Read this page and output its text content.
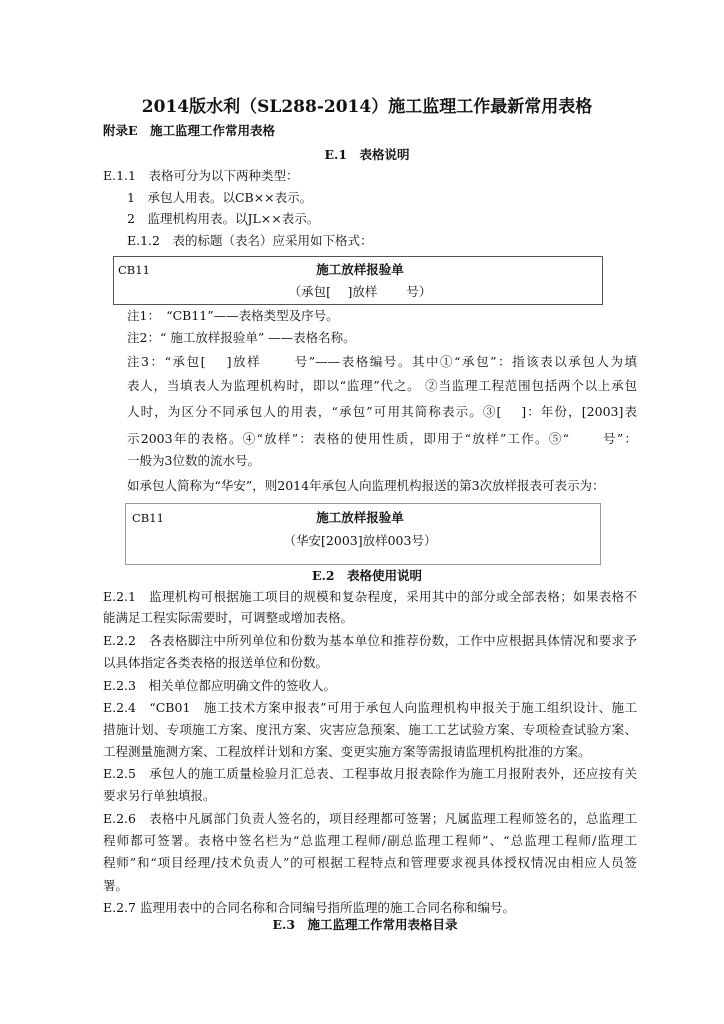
2014版水利（SL288-2014）施工监理工作最新常用表格
附录E　施工监理工作常用表格
E.1　表格说明
E.1.1　表格可分为以下两种类型：
1　承包人用表。以CB××表示。
2　监理机构用表。以JL××表示。
E.1.2　表的标题（表名）应采用如下格式：
CB11	施工放样报验单
（承包[　 ]放样　　 号）
注1：　“CB11”——表格类型及序号。
注2：“ 施工放样报验单” ——表格名称。
注3：“承包[　 ]放样　　 号”——表格编号。其中①“承包”：指该表以承包人为填
表人，当填表人为监理机构时，即以“监理”代之。 ②当监理工程范围包括两个以上承包
人时，为区分不同承包人的用表，“承包”可用其简称表示。③[　 ]：年份，[2003]表
示2003年的表格。④“放样”：表格的使用性质，即用于“放样”工作。⑤“　　 号”：
一般为3位数的流水号。
如承包人简称为“华安”，则2014年承包人向监理机构报送的第3次放样报表可表示为：
CB11	施工放样报验单
（华安[2003]放样003号）
E.2　表格使用说明
E.2.1　监理机构可根据施工项目的规模和复杂程度，采用其中的部分或全部表格；如果表格不
能满足工程实际需要时，可调整或增加表格。
E.2.2　各表格脚注中所列单位和份数为基本单位和推荐份数，工作中应根据具体情况和要求予
以具体指定各类表格的报送单位和份数。
E.2.3　相关单位都应明确文件的签收人。
E.2.4　“CB01　施工技术方案申报表”可用于承包人向监理机构申报关于施工组织设计、施工
措施计划、专项施工方案、度汛方案、灾害应急预案、施工工艺试验方案、专项检查试验方案、
工程测量施测方案、工程放样计划和方案、变更实施方案等需报请监理机构批准的方案。
E.2.5　承包人的施工质量检验月汇总表、工程事故月报表除作为施工月报附表外，还应按有关
要求另行单独填报。
E.2.6　表格中凡属部门负责人签名的，项目经理都可签署；凡属监理工程师签名的，总监理工
程师都可签署。表格中签名栏为“总监理工程师/副总监理工程师”、“总监理工程师/监理工
程师”和“项目经理/技术负责人”的可根据工程特点和管理要求视具体授权情况由相应人员签
署。
E.2.7 监理用表中的合同名称和合同编号指所监理的施工合同名称和编号。
E.3　施工监理工作常用表格目录
